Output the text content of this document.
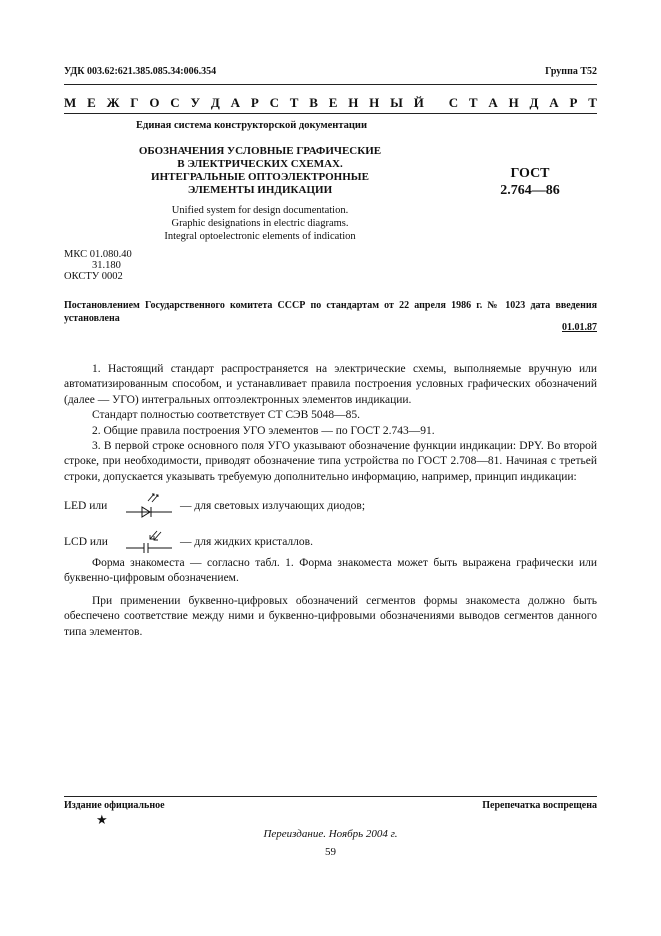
УДК 003.62:621.385.085.34:006.354	Группа Т52
М Е Ж Г О С У Д А Р С Т В Е Н Н Ы Й
С Т А Н Д А Р Т
Единая система конструкторской документации
ОБОЗНАЧЕНИЯ УСЛОВНЫЕ ГРАФИЧЕСКИЕ
В ЭЛЕКТРИЧЕСКИХ СХЕМАХ.
ИНТЕГРАЛЬНЫЕ ОПТОЭЛЕКТРОННЫЕ
ЭЛЕМЕНТЫ ИНДИКАЦИИ
ГОСТ
2.764—86
Unified system for design documentation.
Graphic designations in electric diagrams.
Integral optoelectronic elements of indication
МКС 01.080.40
31.180
ОКСТУ 0002
Постановлением Государственного комитета СССР по стандартам от 22 апреля 1986 г. № 1023 дата введения установлена
01.01.87

1. Настоящий стандарт распространяется на электрические схемы, выполняемые вручную или автоматизированным способом, и устанавливает правила построения условных графических обозначений (далее — УГО) интегральных оптоэлектронных элементов индикации.

Стандарт полностью соответствует СТ СЭВ 5048—85.

2. Общие правила построения УГО элементов — по ГОСТ 2.743—91.

3. В первой строке основного поля УГО указывают обозначение функции индикации: DPY. Во второй строке, при необходимости, приводят обозначение типа устройства по ГОСТ 2.708—81. Начиная с третьей строки, допускается указывать требуемую дополнительно информацию, например, принцип индикации:

LED или	— для световых излучающих диодов;
LCD или	— для жидких кристаллов.

Форма знакоместа — согласно табл. 1. Форма знакоместа может быть выражена графически или буквенно-цифровым обозначением.

При применении буквенно-цифровых обозначений сегментов формы знакоместа должно быть обеспечено соответствие между ними и буквенно-цифровыми обозначениями выводов сегментов данного типа элементов.

Издание официальное
★
Перепечатка воспрещена
Переиздание. Ноябрь 2004 г.
59
